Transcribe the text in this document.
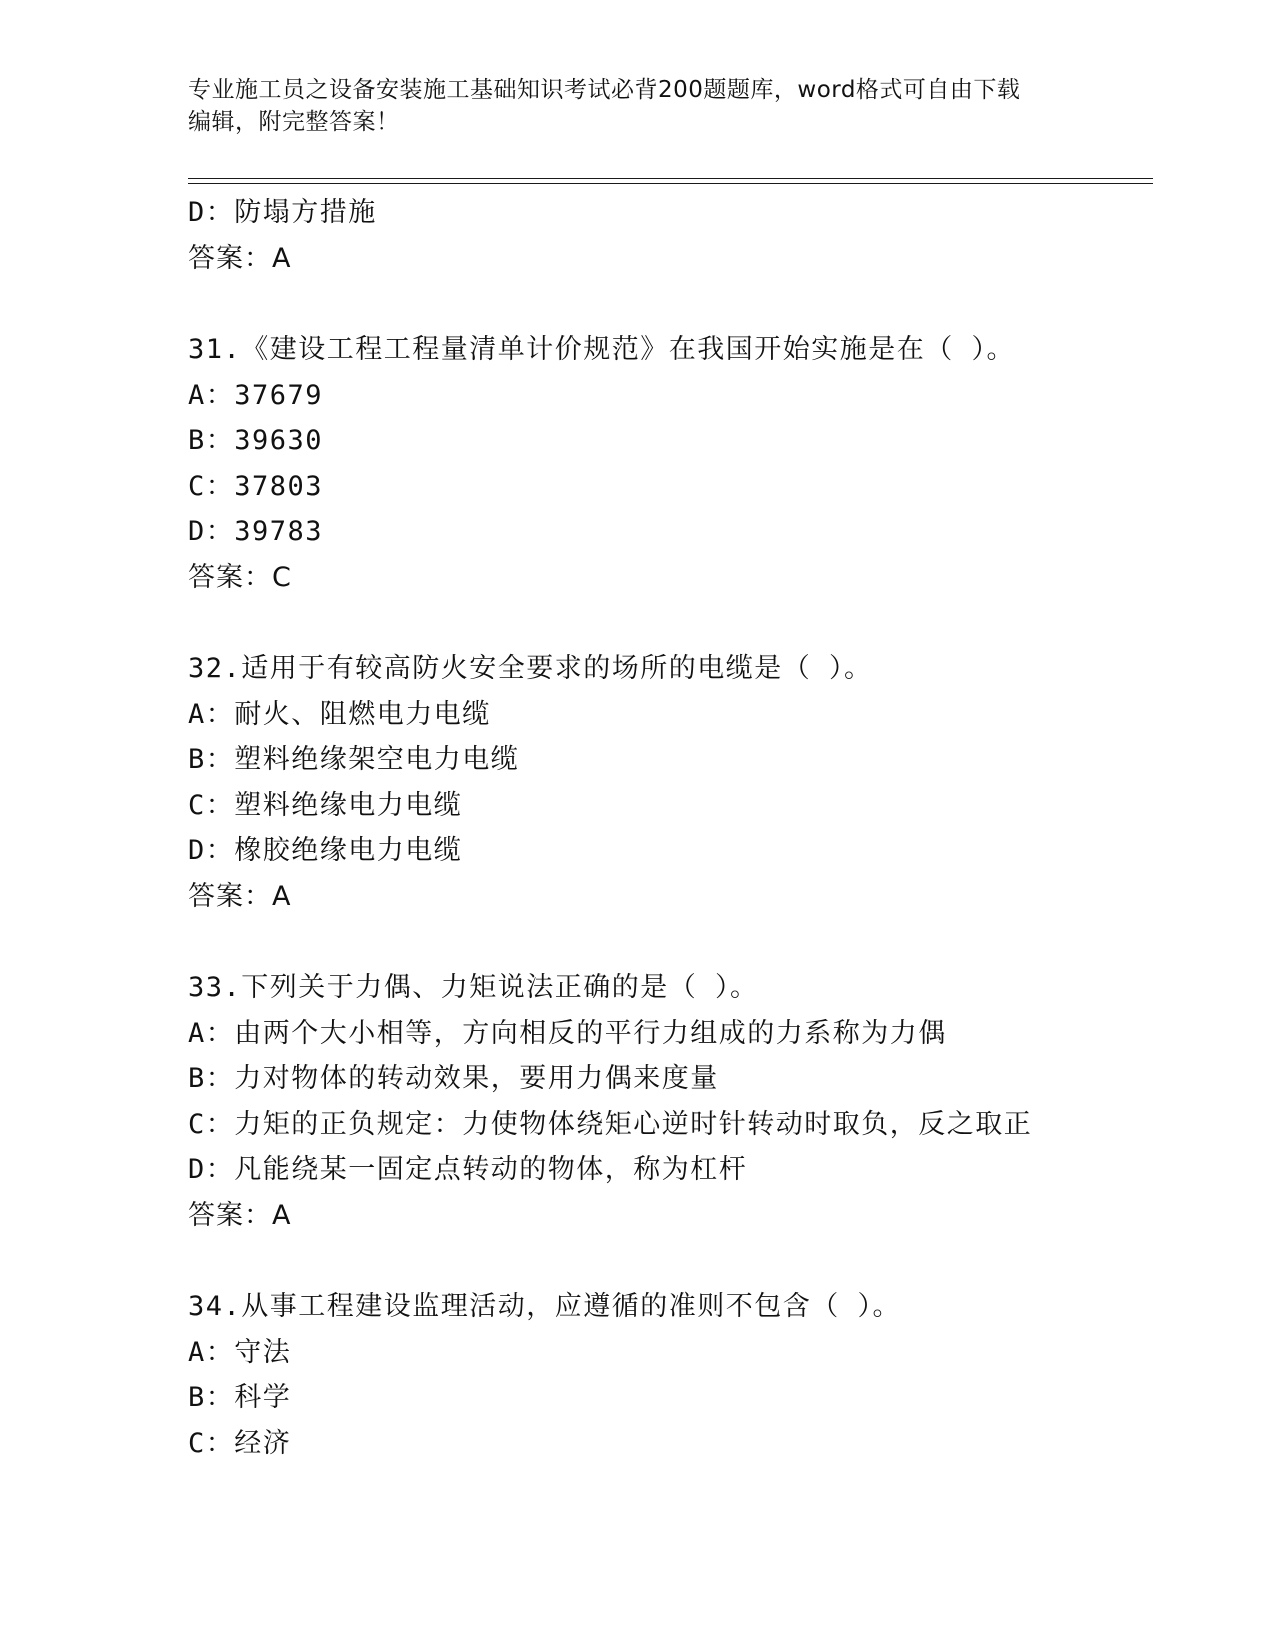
专业施工员之设备安装施工基础知识考试必背200题题库，word格式可自由下载
编辑，附完整答案！
D：防塌方措施
答案：A
31.《建设工程工程量清单计价规范》在我国开始实施是在（ ）。
A：37679
B：39630
C：37803
D：39783
答案：C
32.适用于有较高防火安全要求的场所的电缆是（ ）。
A：耐火、阻燃电力电缆
B：塑料绝缘架空电力电缆
C：塑料绝缘电力电缆
D：橡胶绝缘电力电缆
答案：A
33.下列关于力偶、力矩说法正确的是（ ）。
A：由两个大小相等，方向相反的平行力组成的力系称为力偶
B：力对物体的转动效果，要用力偶来度量
C：力矩的正负规定：力使物体绕矩心逆时针转动时取负，反之取正
D：凡能绕某一固定点转动的物体，称为杠杆
答案：A
34.从事工程建设监理活动，应遵循的准则不包含（ ）。
A：守法
B：科学
C：经济
